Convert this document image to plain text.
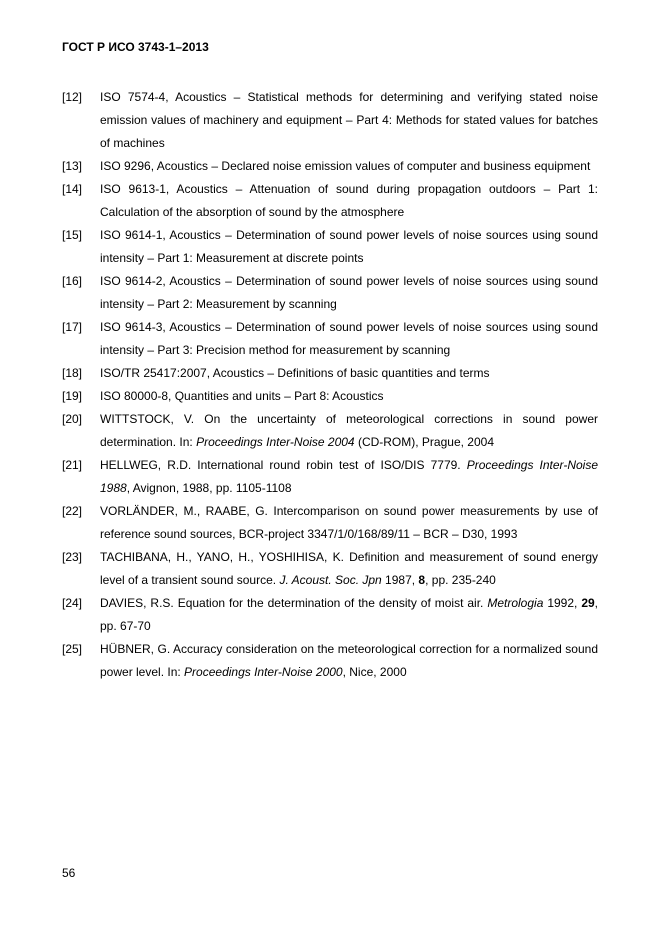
ГОСТ Р ИСО 3743-1–2013
[12] ISO 7574-4, Acoustics – Statistical methods for determining and verifying stated noise emission values of machinery and equipment – Part 4: Methods for stated values for batches of machines
[13] ISO 9296, Acoustics – Declared noise emission values of computer and business equipment
[14] ISO 9613-1, Acoustics – Attenuation of sound during propagation outdoors – Part 1: Calculation of the absorption of sound by the atmosphere
[15] ISO 9614-1, Acoustics – Determination of sound power levels of noise sources using sound intensity – Part 1: Measurement at discrete points
[16] ISO 9614-2, Acoustics – Determination of sound power levels of noise sources using sound intensity – Part 2: Measurement by scanning
[17] ISO 9614-3, Acoustics – Determination of sound power levels of noise sources using sound intensity – Part 3: Precision method for measurement by scanning
[18] ISO/TR 25417:2007, Acoustics – Definitions of basic quantities and terms
[19] ISO 80000-8, Quantities and units – Part 8: Acoustics
[20] WITTSTOCK, V. On the uncertainty of meteorological corrections in sound power determination. In: Proceedings Inter-Noise 2004 (CD-ROM), Prague, 2004
[21] HELLWEG, R.D. International round robin test of ISO/DIS 7779. Proceedings Inter-Noise 1988, Avignon, 1988, pp. 1105-1108
[22] VORLÄNDER, M., RAABE, G. Intercomparison on sound power measurements by use of reference sound sources, BCR-project 3347/1/0/168/89/11 – BCR – D30, 1993
[23] TACHIBANA, H., YANO, H., YOSHIHISA, K. Definition and measurement of sound energy level of a transient sound source. J. Acoust. Soc. Jpn 1987, 8, pp. 235-240
[24] DAVIES, R.S. Equation for the determination of the density of moist air. Metrologia 1992, 29, pp. 67-70
[25] HÜBNER, G. Accuracy consideration on the meteorological correction for a normalized sound power level. In: Proceedings Inter-Noise 2000, Nice, 2000
56
